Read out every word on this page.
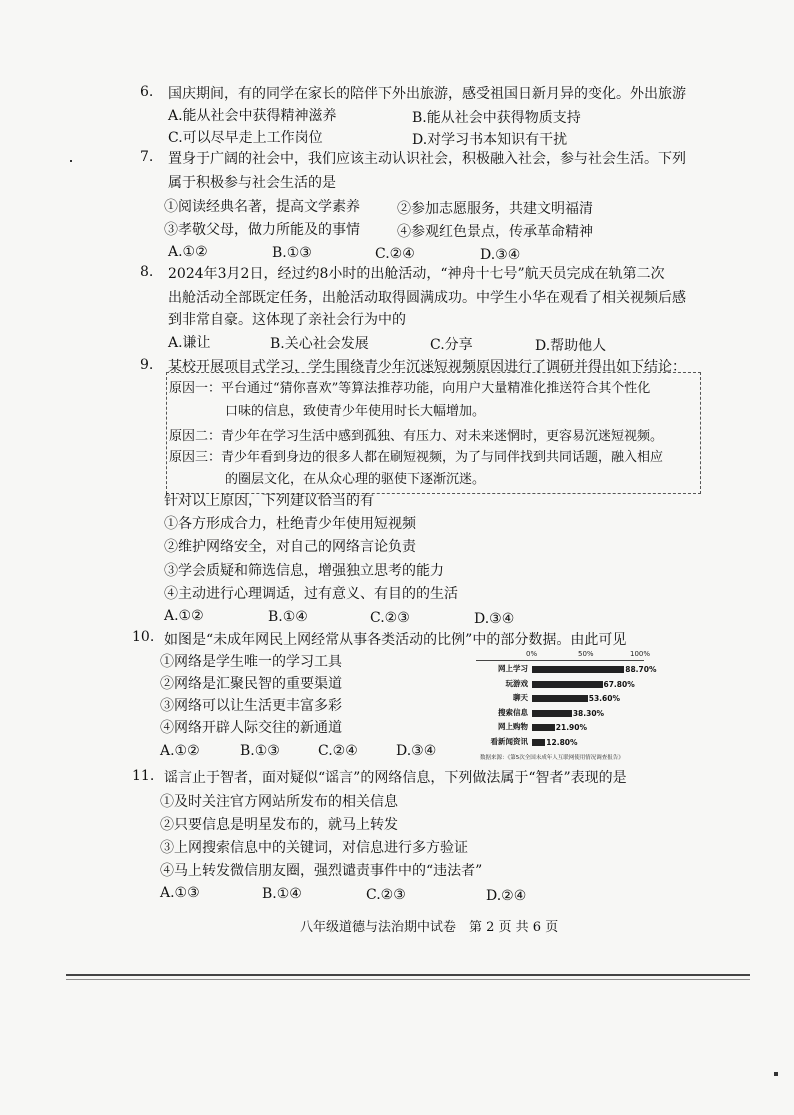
6. 国庆期间，有的同学在家长的陪伴下外出旅游，感受祖国日新月异的变化。外出旅游
A.能从社会中获得精神滋养	B.能从社会中获得物质支持
C.可以尽早走上工作岗位	D.对学习书本知识有干扰
7. 置身于广阔的社会中，我们应该主动认识社会，积极融入社会，参与社会生活。下列
属于积极参与社会生活的是
①阅读经典名著，提高文学素养	②参加志愿服务，共建文明福清
③孝敬父母，做力所能及的事情	④参观红色景点，传承革命精神
A.①②	B.①③	C.②④	D.③④
8. 2024年3月2日，经过约8小时的出舱活动，“神舟十七号”航天员完成在轨第二次
出舱活动全部既定任务，出舱活动取得圆满成功。中学生小华在观看了相关视频后感
到非常自豪。这体现了亲社会行为中的
A.谦让	B.关心社会发展	C.分享	D.帮助他人
9. 某校开展项目式学习，学生围绕青少年沉迷短视频原因进行了调研并得出如下结论：
原因一：平台通过“猜你喜欢”等算法推荐功能，向用户大量精准化推送符合其个性化
口味的信息，致使青少年使用时长大幅增加。
原因二：青少年在学习生活中感到孤独、有压力、对未来迷惘时，更容易沉迷短视频。
原因三：青少年看到身边的很多人都在刷短视频，为了与同伴找到共同话题，融入相应
的圈层文化，在从众心理的驱使下逐渐沉迷。
针对以上原因，下列建议恰当的有
①各方形成合力，杜绝青少年使用短视频
②维护网络安全，对自己的网络言论负责
③学会质疑和筛选信息，增强独立思考的能力
④主动进行心理调适，过有意义、有目的的生活
A.①②	B.①④	C.②③	D.③④
10. 如图是“未成年网民上网经常从事各类活动的比例”中的部分数据。由此可见
①网络是学生唯一的学习工具
②网络是汇聚民智的重要渠道
③网络可以让生活更丰富多彩
④网络开辟人际交往的新通道
A.①②	B.①③	C.②④	D.③④
0%	50%	100%
网上学习	88.70%
玩游戏	67.80%
聊天	53.60%
搜索信息	38.30%
网上购物	21.90%
看新闻资讯 12.80%
数据来源：《第5次全国未成年人互联网使用情况调查报告》
11. 谣言止于智者，面对疑似“谣言”的网络信息，下列做法属于“智者”表现的是
①及时关注官方网站所发布的相关信息
②只要信息是明星发布的，就马上转发
③上网搜索信息中的关键词，对信息进行多方验证
④马上转发微信朋友圈，强烈谴责事件中的“违法者”
A.①③	B.①④	C.②③	D.②④
八年级道德与法治期中试卷　第 2 页 共 6 页
